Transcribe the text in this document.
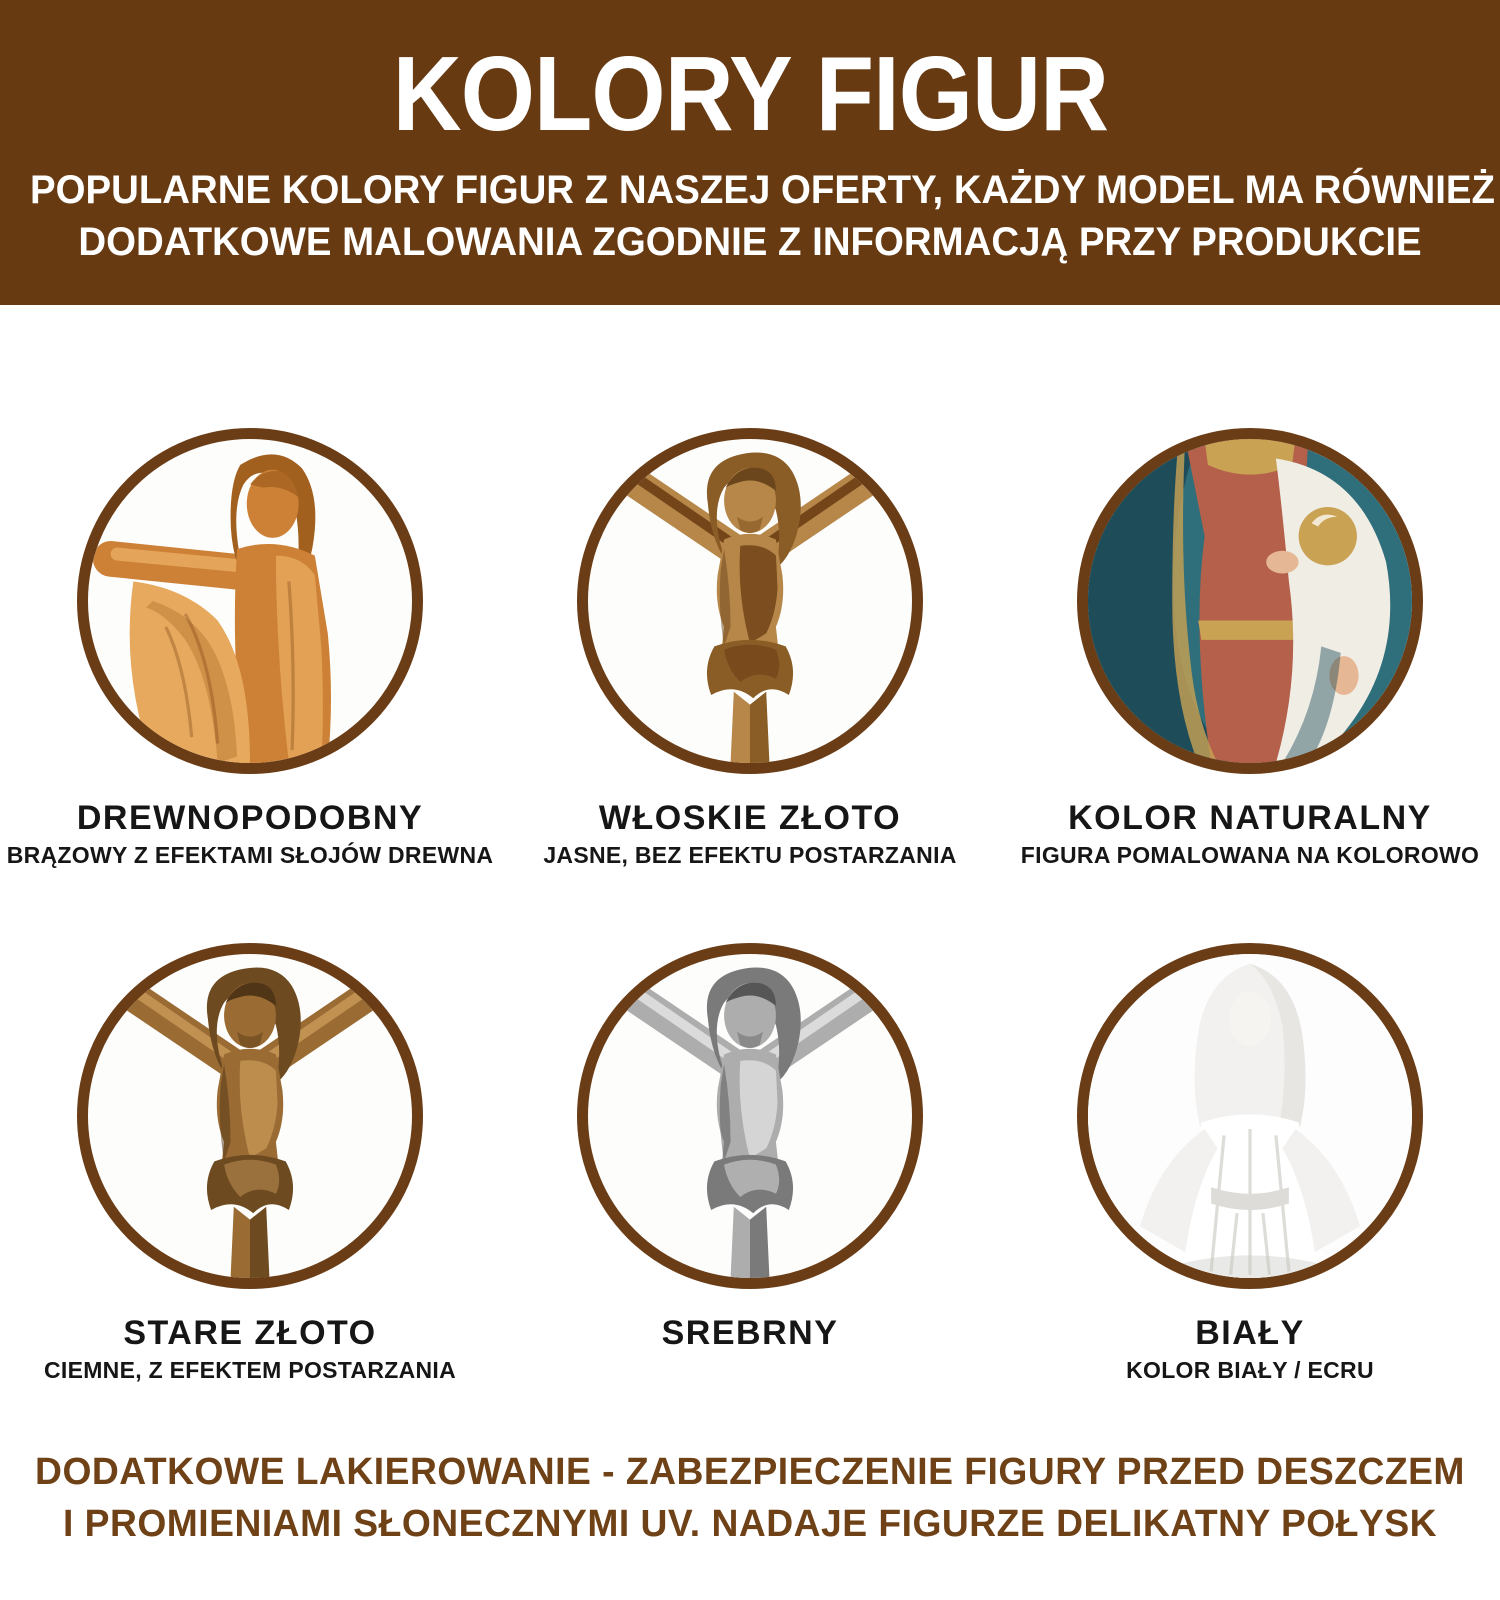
KOLORY FIGUR
POPULARNE KOLORY FIGUR Z NASZEJ OFERTY, KAŻDY MODEL MA RÓWNIEŻ
DODATKOWE MALOWANIA ZGODNIE Z INFORMACJĄ PRZY PRODUKCIE
DREWNOPODOBNY
BRĄZOWY Z EFEKTAMI SŁOJÓW DREWNA
WŁOSKIE ZŁOTO
JASNE, BEZ EFEKTU POSTARZANIA
KOLOR NATURALNY
FIGURA POMALOWANA NA KOLOROWO
STARE ZŁOTO
CIEMNE, Z EFEKTEM POSTARZANIA
SREBRNY	BIAŁY
KOLOR BIAŁY / ECRU
DODATKOWE LAKIEROWANIE - ZABEZPIECZENIE FIGURY PRZED DESZCZEM
I PROMIENIAMI SŁONECZNYMI UV. NADAJE FIGURZE DELIKATNY POŁYSK
